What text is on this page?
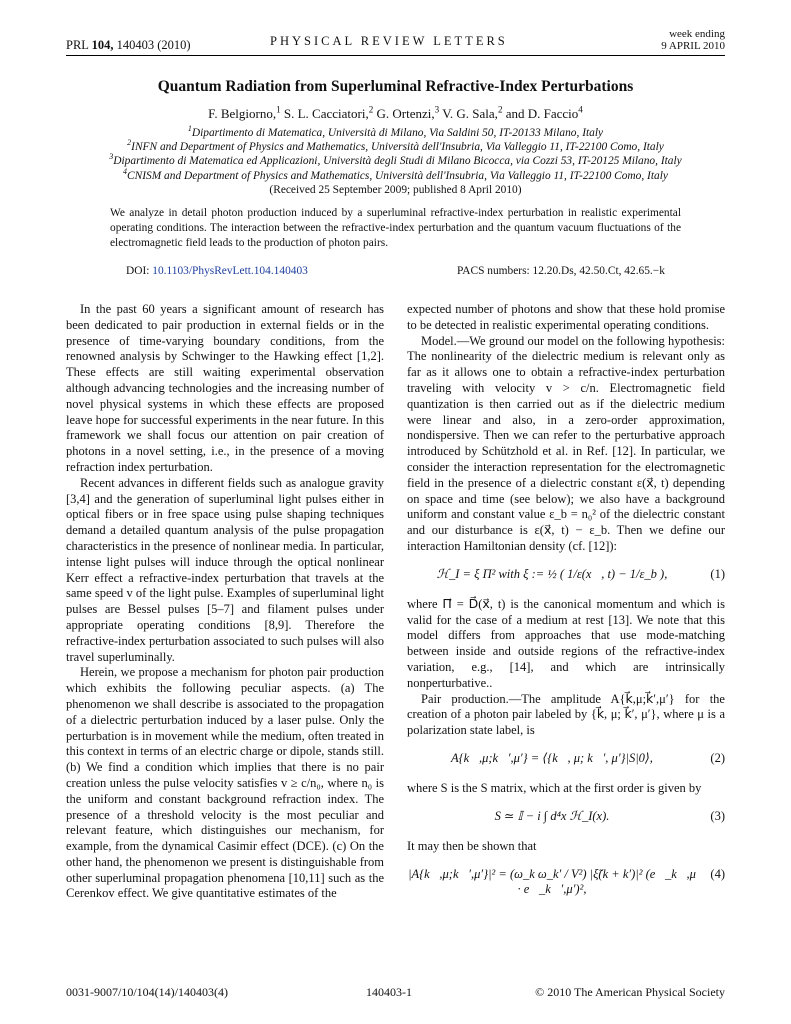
PRL 104, 140403 (2010)	PHYSICAL REVIEW LETTERS	week ending
9 APRIL 2010
Quantum Radiation from Superluminal Refractive-Index Perturbations
F. Belgiorno,$^1$ S. L. Cacciatori,$^2$ G. Ortenzi,$^3$ V. G. Sala,$^2$ and D. Faccio$^4$
$^1$Dipartimento di Matematica, Università di Milano, Via Saldini 50, IT-20133 Milano, Italy
$^2$INFN and Department of Physics and Mathematics, Università dell'Insubria, Via Valleggio 11, IT-22100 Como, Italy
$^3$Dipartimento di Matematica ed Applicazioni, Università degli Studi di Milano Bicocca, via Cozzi 53, IT-20125 Milano, Italy
$^4$CNISM and Department of Physics and Mathematics, Università dell'Insubria, Via Valleggio 11, IT-22100 Como, Italy
(Received 25 September 2009; published 8 April 2010)
We analyze in detail photon production induced by a superluminal refractive-index perturbation in realistic experimental operating conditions. The interaction between the refractive-index perturbation and the quantum vacuum fluctuations of the electromagnetic field leads to the production of photon pairs.
DOI: 10.1103/PhysRevLett.104.140403	PACS numbers: 12.20.Ds, 42.50.Ct, 42.65.−k

In the past 60 years a significant amount of research has been dedicated to pair production in external fields or in the presence of time-varying boundary conditions, from the renowned analysis by Schwinger to the Hawking effect [1,2]. These effects are still waiting experimental observation although advancing technologies and the increasing number of novel physical systems in which these effects are proposed leave hope for successful experiments in the near future. In this framework we shall focus our attention on pair creation of photons in a novel setting, i.e., in the presence of a moving refraction index perturbation.

Recent advances in different fields such as analogue gravity [3,4] and the generation of superluminal light pulses either in optical fibers or in free space using pulse shaping techniques demand a detailed quantum analysis of the pulse propagation characteristics in the presence of nonlinear media. In particular, intense light pulses will induce through the optical nonlinear Kerr effect a refractive-index perturbation that travels at the same speed v of the light pulse. Examples of superluminal light pulses are Bessel pulses [5–7] and filament pulses under appropriate operating conditions [8,9]. Therefore the refractive-index perturbation associated to such pulses will also travel superluminally.

Herein, we propose a mechanism for photon pair production which exhibits the following peculiar aspects. (a) The phenomenon we shall describe is associated to the propagation of a dielectric perturbation induced by a laser pulse. Only the perturbation is in movement while the medium, often treated in this context in terms of an electric charge or dipole, stands still. (b) We find a condition which implies that there is no pair creation unless the pulse velocity satisfies v ≥ c/n₀, where n₀ is the uniform and constant background refraction index. The presence of a threshold velocity is the most peculiar and relevant feature, which distinguishes our mechanism, for example, from the dynamical Casimir effect (DCE). (c) On the other hand, the phenomenon we present is distinguishable from other superluminal propagation phenomena [10,11] such as the Cerenkov effect. We give quantitative estimates of the

expected number of photons and show that these hold promise to be detected in realistic experimental operating conditions.

Model.—We ground our model on the following hypothesis: The nonlinearity of the dielectric medium is relevant only as far as it allows one to obtain a refractive-index perturbation traveling with velocity v > c/n. Electromagnetic field quantization is then carried out as if the dielectric medium were linear and also, in a zero-order approximation, nondispersive. Then we can refer to the perturbative approach introduced by Schützhold et al. in Ref. [12]. In particular, we consider the interaction representation for the electromagnetic field in the presence of a dielectric constant ε(x⃗, t) depending on space and time (see below); we also have a background uniform and constant value ε_b = n₀² of the dielectric constant and our disturbance is ε(x⃗, t) − ε_b. Then we define our interaction Hamiltonian density (cf. [12]):

ℋ_I = ξ Π² with ξ := ½ ( 1/ε(x⃗, t) − 1/ε_b ),	(1)

where Π⃗ = D⃗(x⃗, t) is the canonical momentum and which is valid for the case of a medium at rest [13]. We note that this model differs from approaches that use mode-matching between inside and outside regions of the refractive-index variation, e.g., [14], and which are intrinsically nonperturbative..

Pair production.—The amplitude A{k⃗,μ;k⃗′,μ′} for the creation of a photon pair labeled by {k⃗, μ; k⃗′, μ′}, where μ is a polarization state label, is

A{k⃗,μ;k⃗′,μ′} = ⟨{k⃗, μ; k⃗′, μ′}|S|0⟩,	(2)

where S is the S matrix, which at the first order is given by

S ≃ 𝕀 − i ∫ d⁴x ℋ_I(x).	(3)

It may then be shown that

|A{k⃗,μ;k⃗′,μ′}|² = (ω_k ω_k′ / V²) |ξ̃(k + k′)|² (e⃗_k⃗,μ · e⃗_k⃗′,μ′)²,
(4)
0031-9007/10/104(14)/140403(4)	140403-1	© 2010 The American Physical Society
